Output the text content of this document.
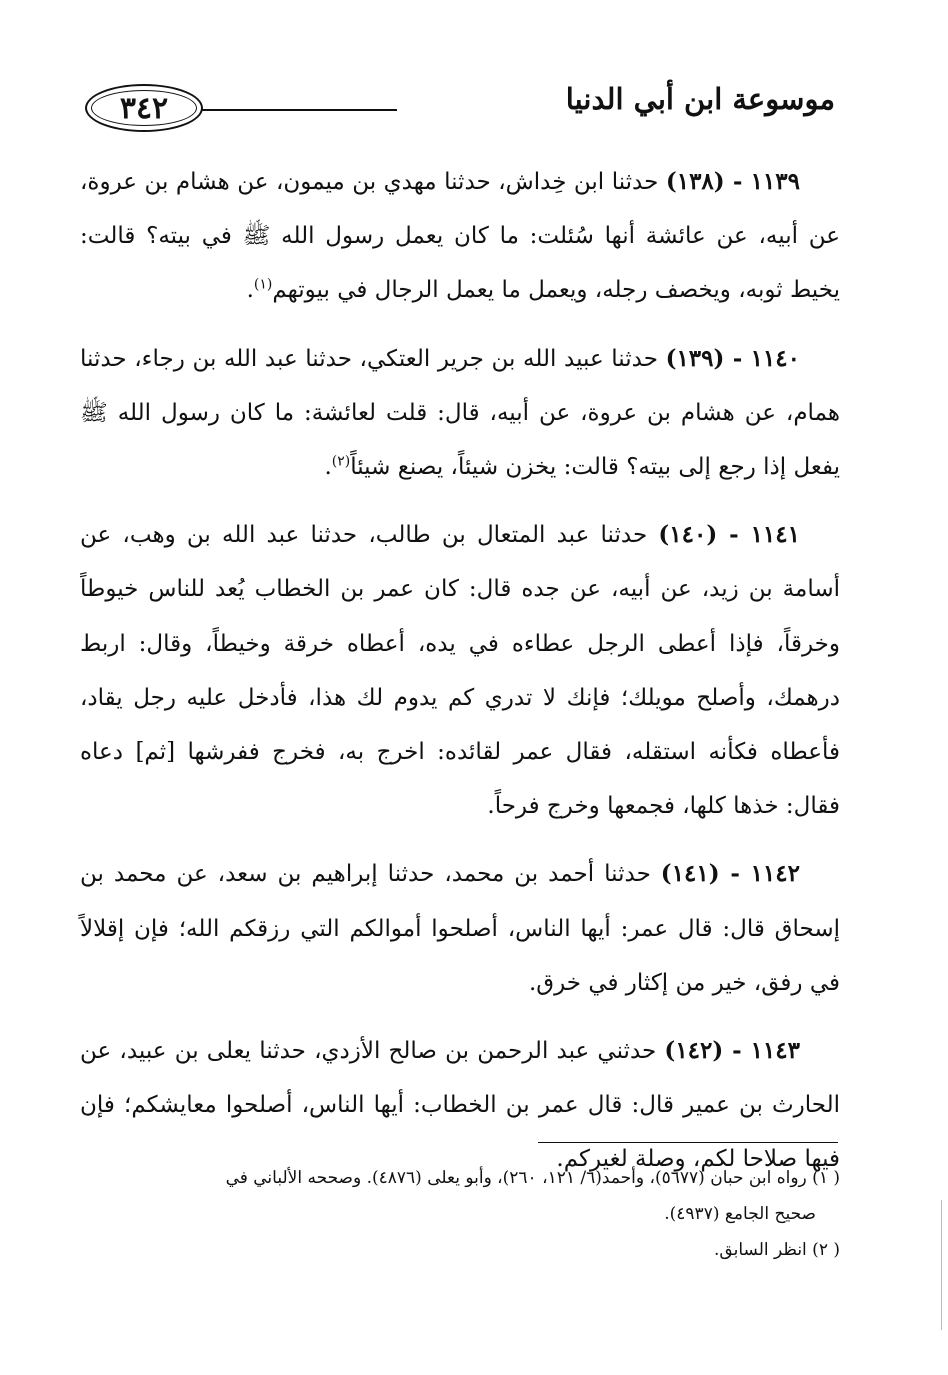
٣٤٢	موسوعة ابن أبي الدنيا

١١٣٩ - (١٣٨) حدثنا ابن خِداش، حدثنا مهدي بن ميمون، عن هشام بن عروة، عن أبيه، عن عائشة أنها سُئلت: ما كان يعمل رسول الله ﷺ في بيته؟ قالت: يخيط ثوبه، ويخصف رجله، ويعمل ما يعمل الرجال في بيوتهم$^{(١)}$.

١١٤٠ - (١٣٩) حدثنا عبيد الله بن جرير العتكي، حدثنا عبد الله بن رجاء، حدثنا همام، عن هشام بن عروة، عن أبيه، قال: قلت لعائشة: ما كان رسول الله ﷺ يفعل إذا رجع إلى بيته؟ قالت: يخزن شيئاً، يصنع شيئاً$^{(٢)}$.

١١٤١ - (١٤٠) حدثنا عبد المتعال بن طالب، حدثنا عبد الله بن وهب، عن أسامة بن زيد، عن أبيه، عن جده قال: كان عمر بن الخطاب يُعد للناس خيوطاً وخرقاً، فإذا أعطى الرجل عطاءه في يده، أعطاه خرقة وخيطاً، وقال: اربط درهمك، وأصلح مويلك؛ فإنك لا تدري كم يدوم لك هذا، فأدخل عليه رجل يقاد، فأعطاه فكأنه استقله، فقال عمر لقائده: اخرج به، فخرج ففرشها [ثم] دعاه فقال: خذها كلها، فجمعها وخرج فرحاً.

١١٤٢ - (١٤١) حدثنا أحمد بن محمد، حدثنا إبراهيم بن سعد، عن محمد بن إسحاق قال: قال عمر: أيها الناس، أصلحوا أموالكم التي رزقكم الله؛ فإن إقلالاً في رفق، خير من إكثار في خرق.

١١٤٣ - (١٤٢) حدثني عبد الرحمن بن صالح الأزدي، حدثنا يعلى بن عبيد، عن الحارث بن عمير قال: قال عمر بن الخطاب: أيها الناس، أصلحوا معايشكم؛ فإن فيها صلاحا لكم، وصلة لغيركم.

( ١) رواه ابن حبان (٥٦٧٧)، وأحمد(٦/ ١٢١، ٢٦٠)، وأبو يعلى (٤٨٧٦). وصححه الألباني في

صحيح الجامع (٤٩٣٧).

( ٢) انظر السابق.
